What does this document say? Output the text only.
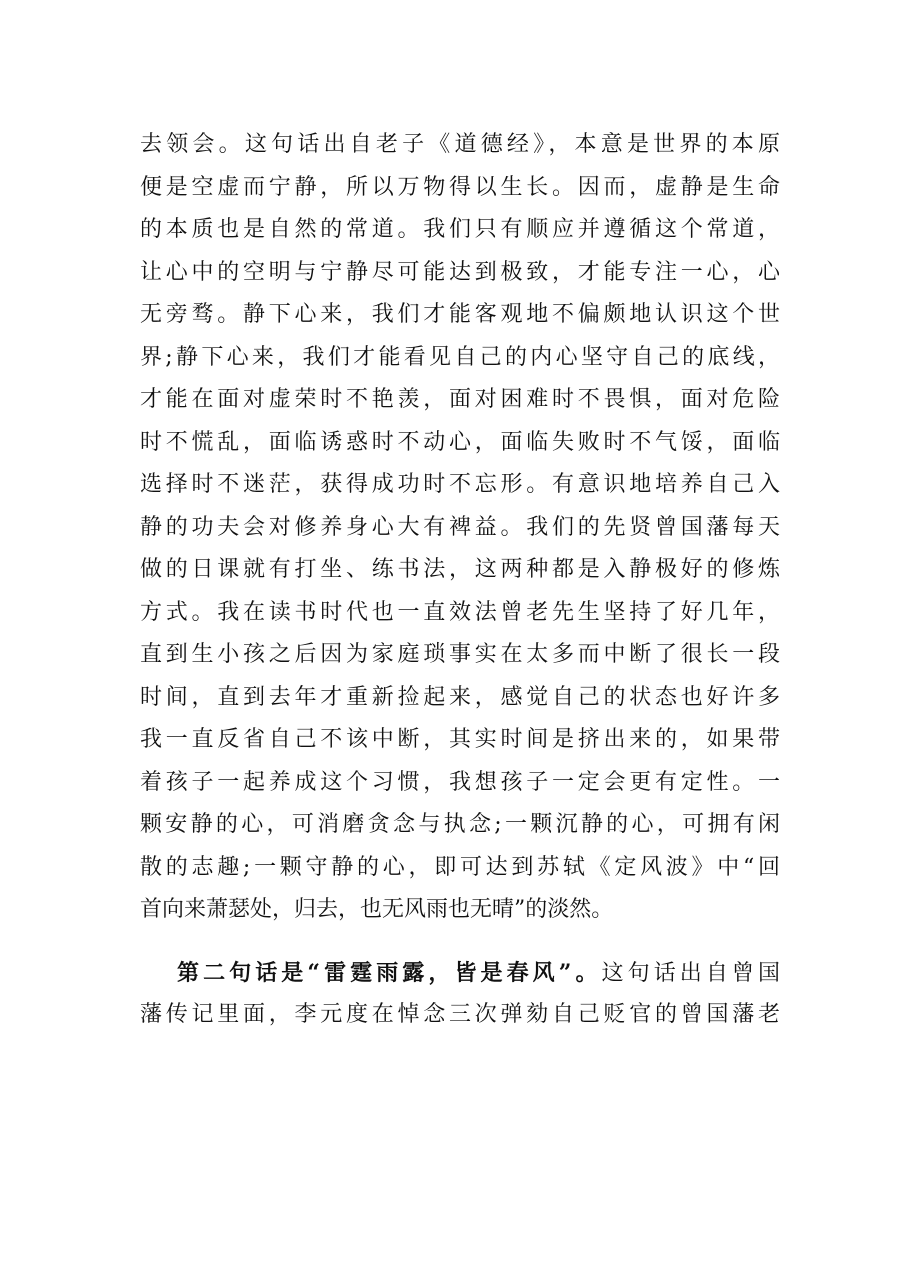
去领会。这句话出自老子《道德经》，本意是世界的本原
便是空虚而宁静，所以万物得以生长。因而，虚静是生命
的本质也是自然的常道。我们只有顺应并遵循这个常道，
让心中的空明与宁静尽可能达到极致，才能专注一心，心
无旁骛。静下心来，我们才能客观地不偏颇地认识这个世
界;静下心来，我们才能看见自己的内心坚守自己的底线，
才能在面对虚荣时不艳羡，面对困难时不畏惧，面对危险
时不慌乱，面临诱惑时不动心，面临失败时不气馁，面临
选择时不迷茫，获得成功时不忘形。有意识地培养自己入
静的功夫会对修养身心大有裨益。我们的先贤曾国藩每天
做的日课就有打坐、练书法，这两种都是入静极好的修炼
方式。我在读书时代也一直效法曾老先生坚持了好几年，
直到生小孩之后因为家庭琐事实在太多而中断了很长一段
时间，直到去年才重新捡起来，感觉自己的状态也好许多
我一直反省自己不该中断，其实时间是挤出来的，如果带
着孩子一起养成这个习惯，我想孩子一定会更有定性。一
颗安静的心，可消磨贪念与执念;一颗沉静的心，可拥有闲
散的志趣;一颗守静的心，即可达到苏轼《定风波》中“回
首向来萧瑟处，归去，也无风雨也无晴”的淡然。
第二句话是“雷霆雨露，皆是春风”。这句话出自曾国
藩传记里面，李元度在悼念三次弹劾自己贬官的曾国藩老
